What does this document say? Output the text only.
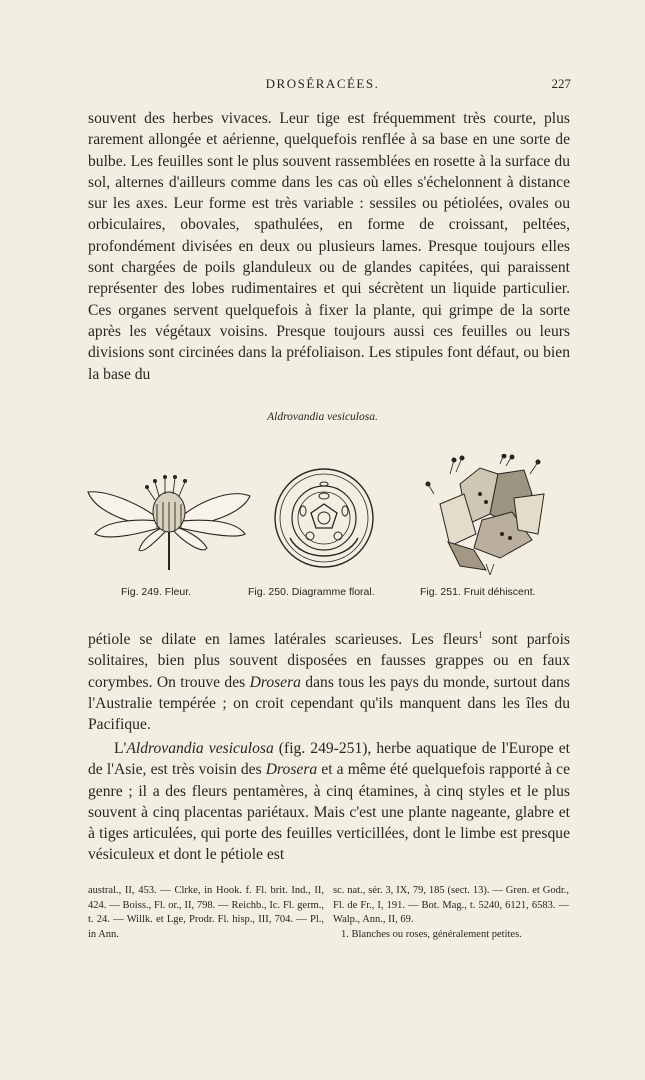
DROSÉRACÉES.	227

souvent des herbes vivaces. Leur tige est fréquemment très courte, plus rarement allongée et aérienne, quelquefois renflée à sa base en une sorte de bulbe. Les feuilles sont le plus souvent rassemblées en rosette à la surface du sol, alternes d'ailleurs comme dans les cas où elles s'échelonnent à distance sur les axes. Leur forme est très variable : sessiles ou pétiolées, ovales ou orbiculaires, obovales, spathulées, en forme de croissant, peltées, profondément divisées en deux ou plusieurs lames. Presque toujours elles sont chargées de poils glanduleux ou de glandes capitées, qui paraissent représenter des lobes rudimentaires et qui sécrètent un liquide particulier. Ces organes servent quelquefois à fixer la plante, qui grimpe de la sorte après les végétaux voisins. Presque toujours aussi ces feuilles ou leurs divisions sont circinées dans la préfoliaison. Les stipules font défaut, ou bien la base du

Aldrovandia vesiculosa.
Fig. 249. Fleur.	Fig. 250. Diagramme floral.	Fig. 251. Fruit déhiscent.

pétiole se dilate en lames latérales scarieuses. Les fleurs$^1$ sont parfois solitaires, bien plus souvent disposées en fausses grappes ou en faux corymbes. On trouve des Drosera dans tous les pays du monde, surtout dans l'Australie tempérée ; on croit cependant qu'ils manquent dans les îles du Pacifique.

L'Aldrovandia vesiculosa (fig. 249-251), herbe aquatique de l'Europe et de l'Asie, est très voisin des Drosera et a même été quelquefois rapporté à ce genre ; il a des fleurs pentamères, à cinq étamines, à cinq styles et le plus souvent à cinq placentas pariétaux. Mais c'est une plante nageante, glabre et à tiges articulées, qui porte des feuilles verticillées, dont le limbe est presque vésiculeux et dont le pétiole est

austral., II, 453. — Clrke, in Hook. f. Fl. brit. Ind., II, 424. — Boiss., Fl. or., II, 798. — Reichb., Ic. Fl. germ., t. 24. — Willk. et Lge, Prodr. Fl. hisp., III, 704. — Pl., in Ann.

sc. nat., sér. 3, IX, 79, 185 (sect. 13). — Gren. et Godr., Fl. de Fr., I, 191. — Bot. Mag., t. 5240, 6121, 6583. — Walp., Ann., II, 69.

1. Blanches ou roses, généralement petites.
